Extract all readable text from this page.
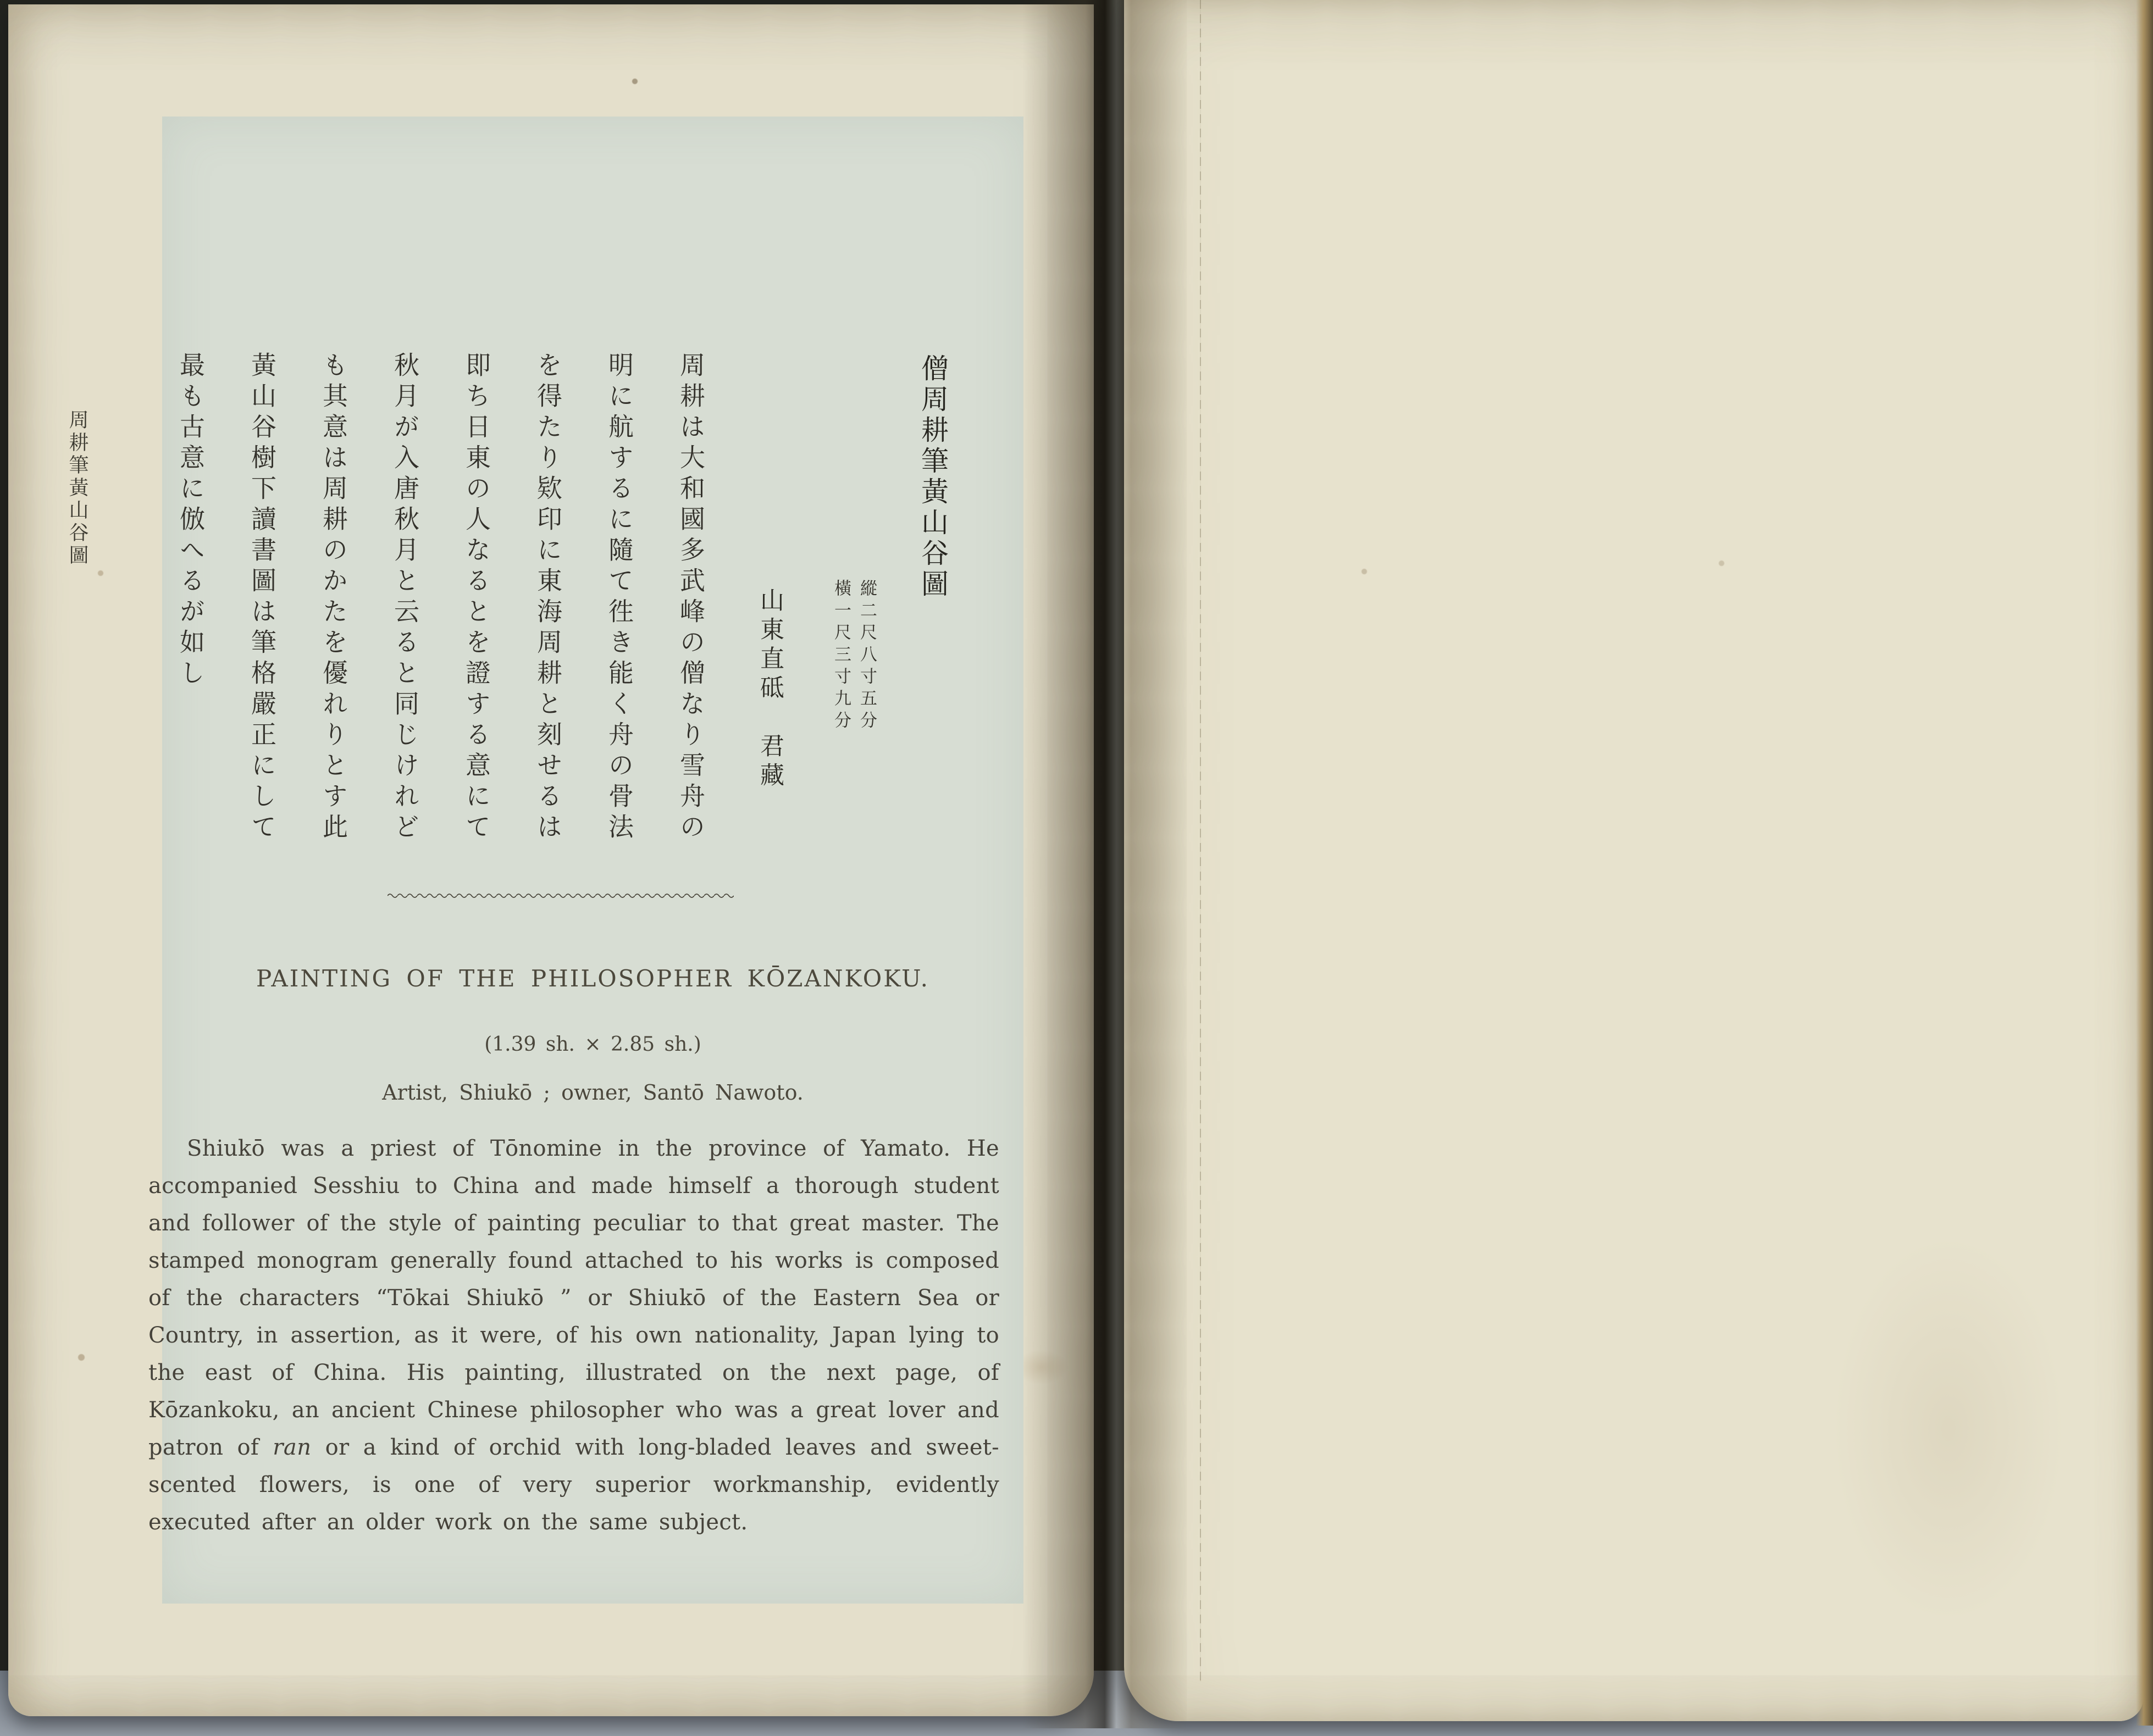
周耕筆黃山谷圖	僧周耕筆黃山谷圖
縱二尺八寸五分
橫一尺三寸九分
山東直砥　君藏
周耕は大和國多武峰の僧なり雪舟の
明に航するに隨て徃き能く舟の骨法
を得たり欵印に東海周耕と刻せるは
即ち日東の人なるとを證する意にて
秋月が入唐秋月と云ると同じけれど
も其意は周耕のかたを優れりとす此
黃山谷樹下讀書圖は筆格嚴正にして
最も古意に倣へるが如し
PAINTING OF THE PHILOSOPHER KŌZANKOKU.
(1.39 sh. × 2.85 sh.)
Artist, Shiukō ; owner, Santō Nawoto.

Shiukō was a priest of Tōnomine in the province of Yamato. He accompanied Sesshiu to China and made himself a thorough student and follower of the style of painting peculiar to that great master. The stamped monogram generally found attached to his works is composed of the characters “Tōkai Shiukō ” or Shiukō of the Eastern Sea or Country, in assertion, as it were, of his own nationality, Japan lying to the east of China. His painting, illustrated on the next page, of Kōzankoku, an ancient Chinese philosopher who was a great lover and patron of ran or a kind of orchid with long-bladed leaves and sweet-scented flowers, is one of very superior workmanship, evidently executed after an older work on the same subject.
